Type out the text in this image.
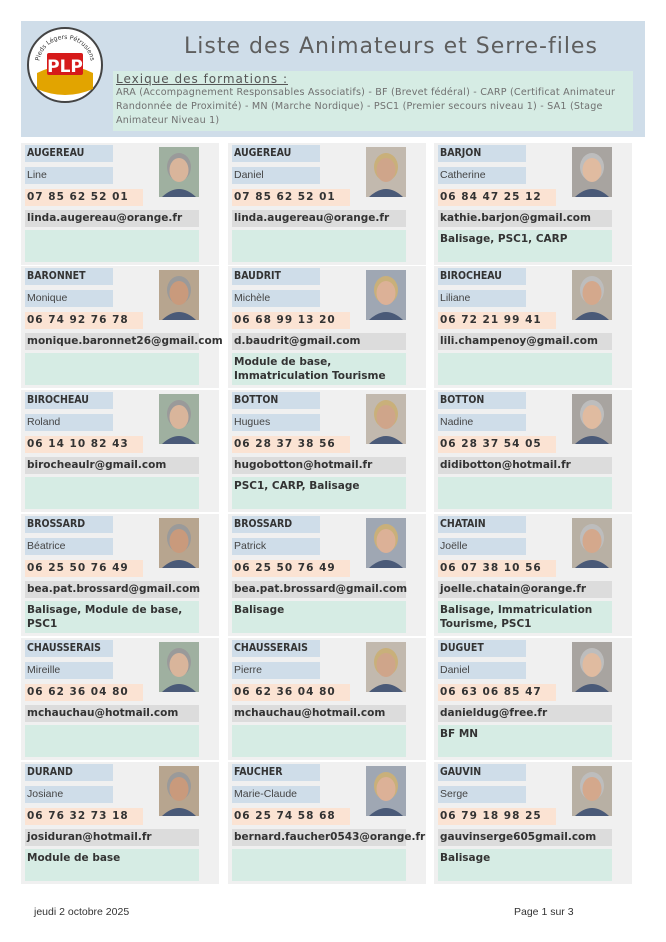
PLP
Pieds Légers Pétrusiens
Liste des Animateurs et Serre-files
Lexique des formations :
ARA (Accompagnement Responsables Associatifs) - BF (Brevet fédéral) - CARP (Certificat Animateur Randonnée de Proximité) - MN (Marche Nordique) - PSC1 (Premier secours niveau 1) - SA1 (Stage Animateur Niveau 1)
AUGEREAU
Line
07 85 62 52 01
linda.augereau@orange.fr
AUGEREAU
Daniel
07 85 62 52 01
linda.augereau@orange.fr
BARJON
Catherine
06 84 47 25 12
kathie.barjon@gmail.com
Balisage, PSC1, CARP
BARONNET
Monique
06 74 92 76 78
monique.baronnet26@gmail.com
BAUDRIT
Michèle
06 68 99 13 20
d.baudrit@gmail.com
Module de base, Immatriculation Tourisme
BIROCHEAU
Liliane
06 72 21 99 41
lili.champenoy@gmail.com
BIROCHEAU
Roland
06 14 10 82 43
birocheaulr@gmail.com
BOTTON
Hugues
06 28 37 38 56
hugobotton@hotmail.fr
PSC1, CARP, Balisage
BOTTON
Nadine
06 28 37 54 05
didibotton@hotmail.fr
BROSSARD
Béatrice
06 25 50 76 49
bea.pat.brossard@gmail.com
Balisage, Module de base, PSC1
BROSSARD
Patrick
06 25 50 76 49
bea.pat.brossard@gmail.com
Balisage
CHATAIN
Joëlle
06 07 38 10 56
joelle.chatain@orange.fr
Balisage, Immatriculation Tourisme, PSC1
CHAUSSERAIS
Mireille
06 62 36 04 80
mchauchau@hotmail.com
CHAUSSERAIS
Pierre
06 62 36 04 80
mchauchau@hotmail.com
DUGUET
Daniel
06 63 06 85 47
danieldug@free.fr
BF MN
DURAND
Josiane
06 76 32 73 18
josiduran@hotmail.fr
Module de base
FAUCHER
Marie-Claude
06 25 74 58 68
bernard.faucher0543@orange.fr
GAUVIN
Serge
06 79 18 98 25
gauvinserge605gmail.com
Balisage
jeudi 2 octobre 2025	Page 1 sur 3
